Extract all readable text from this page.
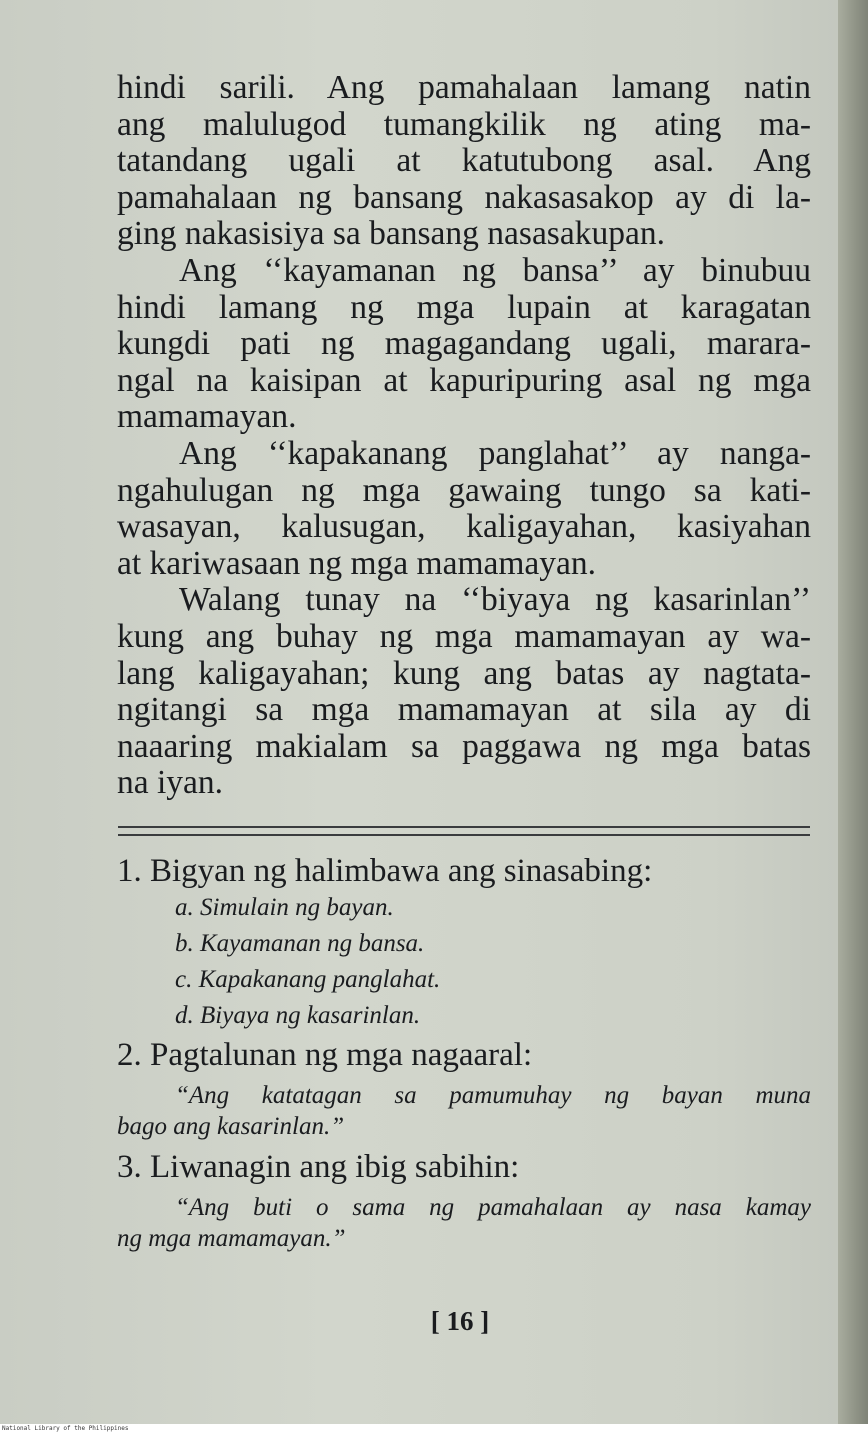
hindi sarili. Ang pamahalaan lamang natin
ang malulugod tumangkilik ng ating ma-
tatandang ugali at katutubong asal. Ang
pamahalaan ng bansang nakasasakop ay di la-
ging nakasisiya sa bansang nasasakupan.
Ang ‘‘kayamanan ng bansa’’ ay binubuu
hindi lamang ng mga lupain at karagatan
kungdi pati ng magagandang ugali, marara-
ngal na kaisipan at kapuripuring asal ng mga
mamamayan.
Ang ‘‘kapakanang panglahat’’ ay nanga-
ngahulugan ng mga gawaing tungo sa kati-
wasayan, kalusugan, kaligayahan, kasiyahan
at kariwasaan ng mga mamamayan.
Walang tunay na ‘‘biyaya ng kasarinlan’’
kung ang buhay ng mga mamamayan ay wa-
lang kaligayahan; kung ang batas ay nagtata-
ngitangi sa mga mamamayan at sila ay di
naaaring makialam sa paggawa ng mga batas
na iyan.
1. Bigyan ng halimbawa ang sinasabing:
a. Simulain ng bayan.
b. Kayamanan ng bansa.
c. Kapakanang panglahat.
d. Biyaya ng kasarinlan.
2. Pagtalunan ng mga nagaaral:
“Ang katatagan sa pamumuhay ng bayan muna
bago ang kasarinlan.”
3. Liwanagin ang ibig sabihin:
“Ang buti o sama ng pamahalaan ay nasa kamay
ng mga mamamayan.”
[ 16 ]
National Library of the Philippines
